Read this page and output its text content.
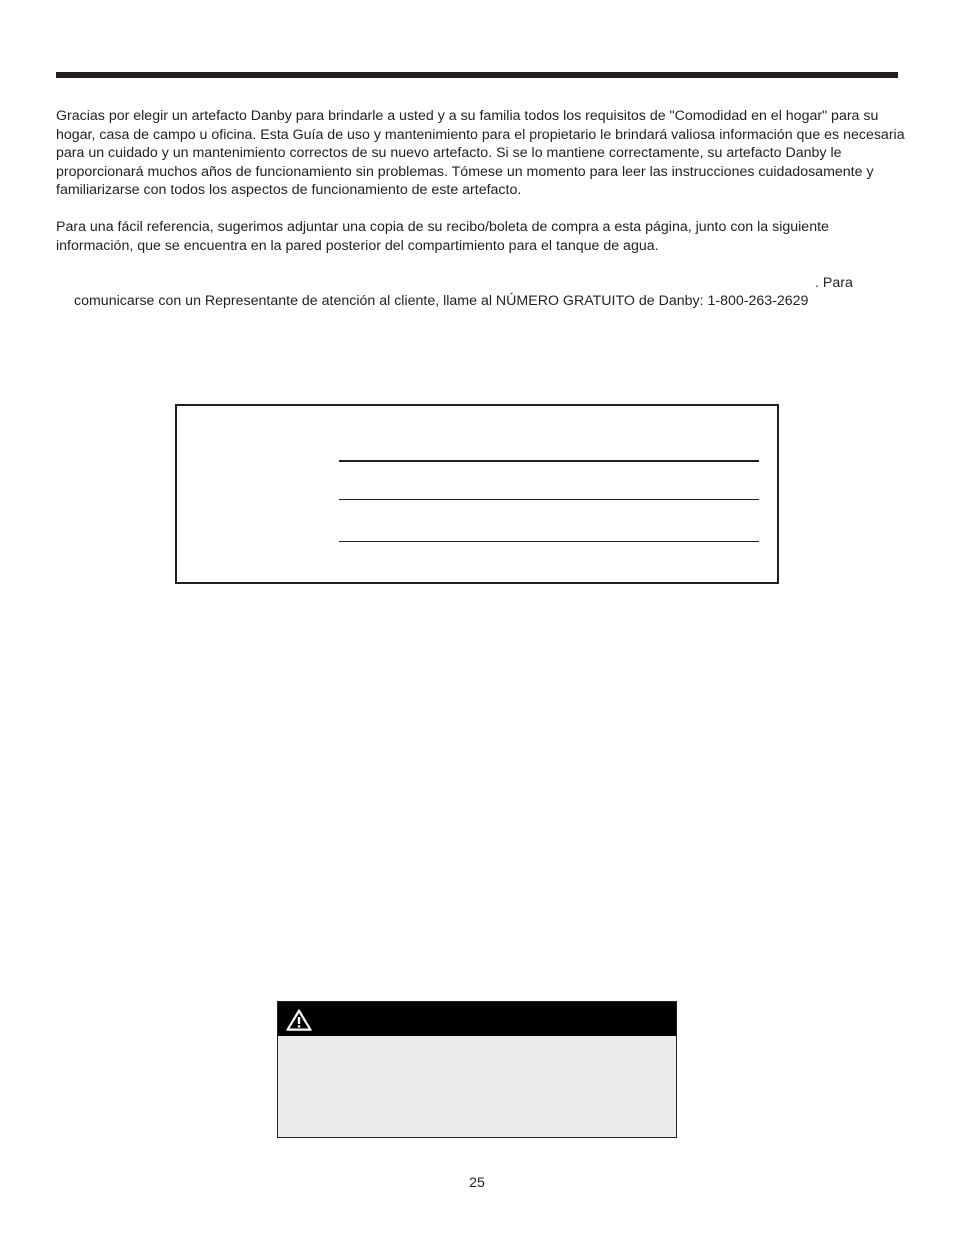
Gracias por elegir un artefacto Danby para brindarle a usted y a su familia todos los requisitos de "Comodidad en el hogar" para su hogar, casa de campo u oficina. Esta Guía de uso y mantenimiento para el propietario le brindará valiosa información que es necesaria para un cuidado y un mantenimiento correctos de su nuevo artefacto. Si se lo mantiene correctamente, su artefacto Danby le proporcionará muchos años de funcionamiento sin problemas. Tómese un momento para leer las instrucciones cuidadosamente y familiarizarse con todos los aspectos de funcionamiento de este artefacto.

Para una fácil referencia, sugerimos adjuntar una copia de su recibo/boleta de compra a esta página, junto con la siguiente información, que se encuentra en la pared posterior del compartimiento para el tanque de agua.

. Para
comunicarse con un Representante de atención al cliente, llame al NÚMERO GRATUITO de Danby: 1-800-263-2629
25
